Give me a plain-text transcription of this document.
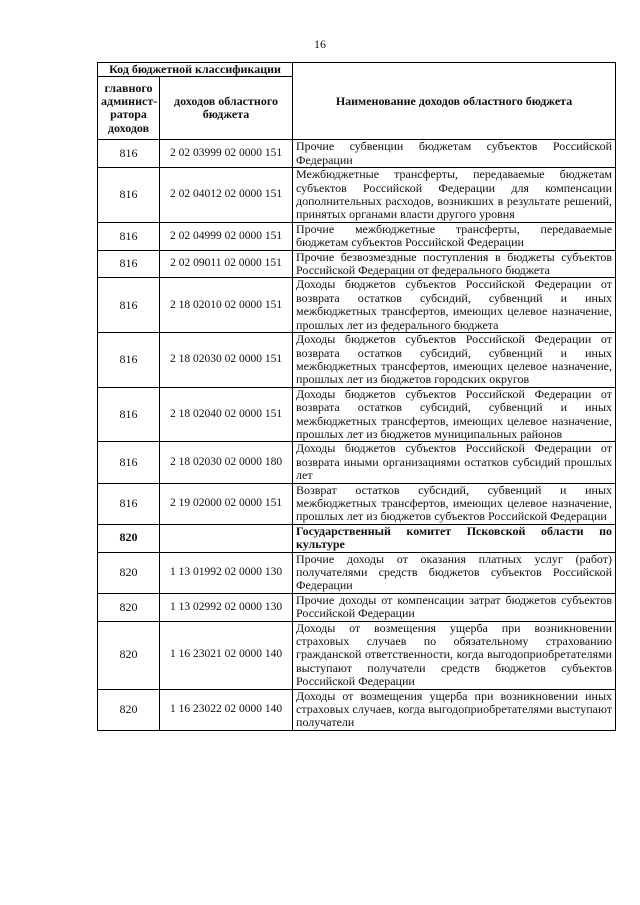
16
Код бюджетной классификации		Наименование доходов областного бюджета
главного админист-ратора доходов	доходов областного бюджета	
816	2 02 03999 02 0000 151	Прочие субвенции бюджетам субъектов Российской Федерации
816	2 02 04012 02 0000 151	Межбюджетные трансферты, передаваемые бюджетам субъектов Российской Федерации для компенсации дополнительных расходов, возникших в результате решений, принятых органами власти другого уровня
816	2 02 04999 02 0000 151	Прочие межбюджетные трансферты, передаваемые бюджетам субъектов Российской Федерации
816	2 02 09011 02 0000 151	Прочие безвозмездные поступления в бюджеты субъектов Российской Федерации от федерального бюджета
816	2 18 02010 02 0000 151	Доходы бюджетов субъектов Российской Федерации от возврата остатков субсидий, субвенций и иных межбюджетных трансфертов, имеющих целевое назначение, прошлых лет из федерального бюджета
816	2 18 02030 02 0000 151	Доходы бюджетов субъектов Российской Федерации от возврата остатков субсидий, субвенций и иных межбюджетных трансфертов, имеющих целевое назначение, прошлых лет из бюджетов городских округов
816	2 18 02040 02 0000 151	Доходы бюджетов субъектов Российской Федерации от возврата остатков субсидий, субвенций и иных межбюджетных трансфертов, имеющих целевое назначение, прошлых лет из бюджетов муниципальных районов
816	2 18 02030 02 0000 180	Доходы бюджетов субъектов Российской Федерации от возврата иными организациями остатков субсидий прошлых лет
816	2 19 02000 02 0000 151	Возврат остатков субсидий, субвенций и иных межбюджетных трансфертов, имеющих целевое назначение, прошлых лет из бюджетов субъектов Российской Федерации
820		Государственный комитет Псковской области по культуре
820	1 13 01992 02 0000 130	Прочие доходы от оказания платных услуг (работ) получателями средств бюджетов субъектов Российской Федерации
820	1 13 02992 02 0000 130	Прочие доходы от компенсации затрат бюджетов субъектов Российской Федерации
820	1 16 23021 02 0000 140	Доходы от возмещения ущерба при возникновении страховых случаев по обязательному страхованию гражданской ответственности, когда выгодоприобретателями выступают получатели средств бюджетов субъектов Российской Федерации
820	1 16 23022 02 0000 140	Доходы от возмещения ущерба при возникновении иных страховых случаев, когда выгодоприобретателями выступают получатели
